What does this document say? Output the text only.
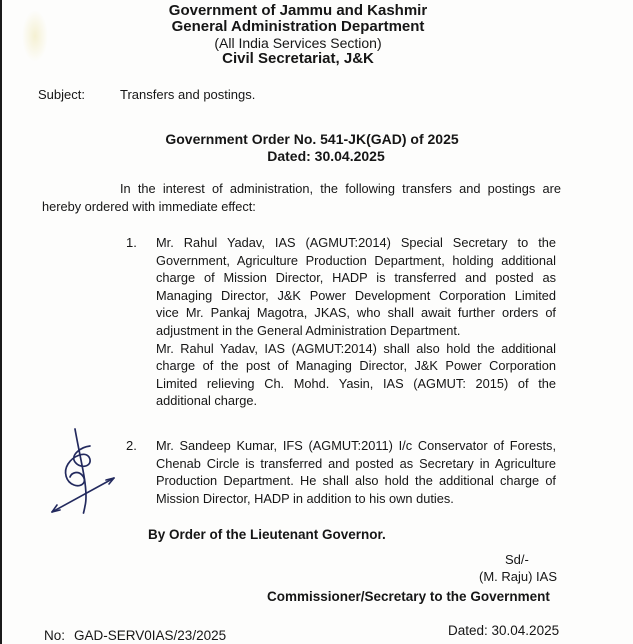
Government of Jammu and Kashmir
General Administration Department
(All India Services Section)
Civil Secretariat, J&K
Subject:	Transfers and postings.
Government Order No. 541-JK(GAD) of 2025
Dated: 30.04.2025
In the interest of administration, the following transfers and postings are
hereby ordered with immediate effect:
1. Mr. Rahul Yadav, IAS (AGMUT:2014) Special Secretary to the
Government, Agriculture Production Department, holding additional
charge of Mission Director, HADP is transferred and posted as
Managing Director, J&K Power Development Corporation Limited
vice Mr. Pankaj Magotra, JKAS, who shall await further orders of
adjustment in the General Administration Department.
Mr. Rahul Yadav, IAS (AGMUT:2014) shall also hold the additional
charge of the post of Managing Director, J&K Power Corporation
Limited relieving Ch. Mohd. Yasin, IAS (AGMUT: 2015) of the
additional charge.
2. Mr. Sandeep Kumar, IFS (AGMUT:2011) I/c Conservator of Forests,
Chenab Circle is transferred and posted as Secretary in Agriculture
Production Department. He shall also hold the additional charge of
Mission Director, HADP in addition to his own duties.
By Order of the Lieutenant Governor.
Sd/-
(M. Raju) IAS
Commissioner/Secretary to the Government
No: GAD-SERV0IAS/23/2025	Dated: 30.04.2025
